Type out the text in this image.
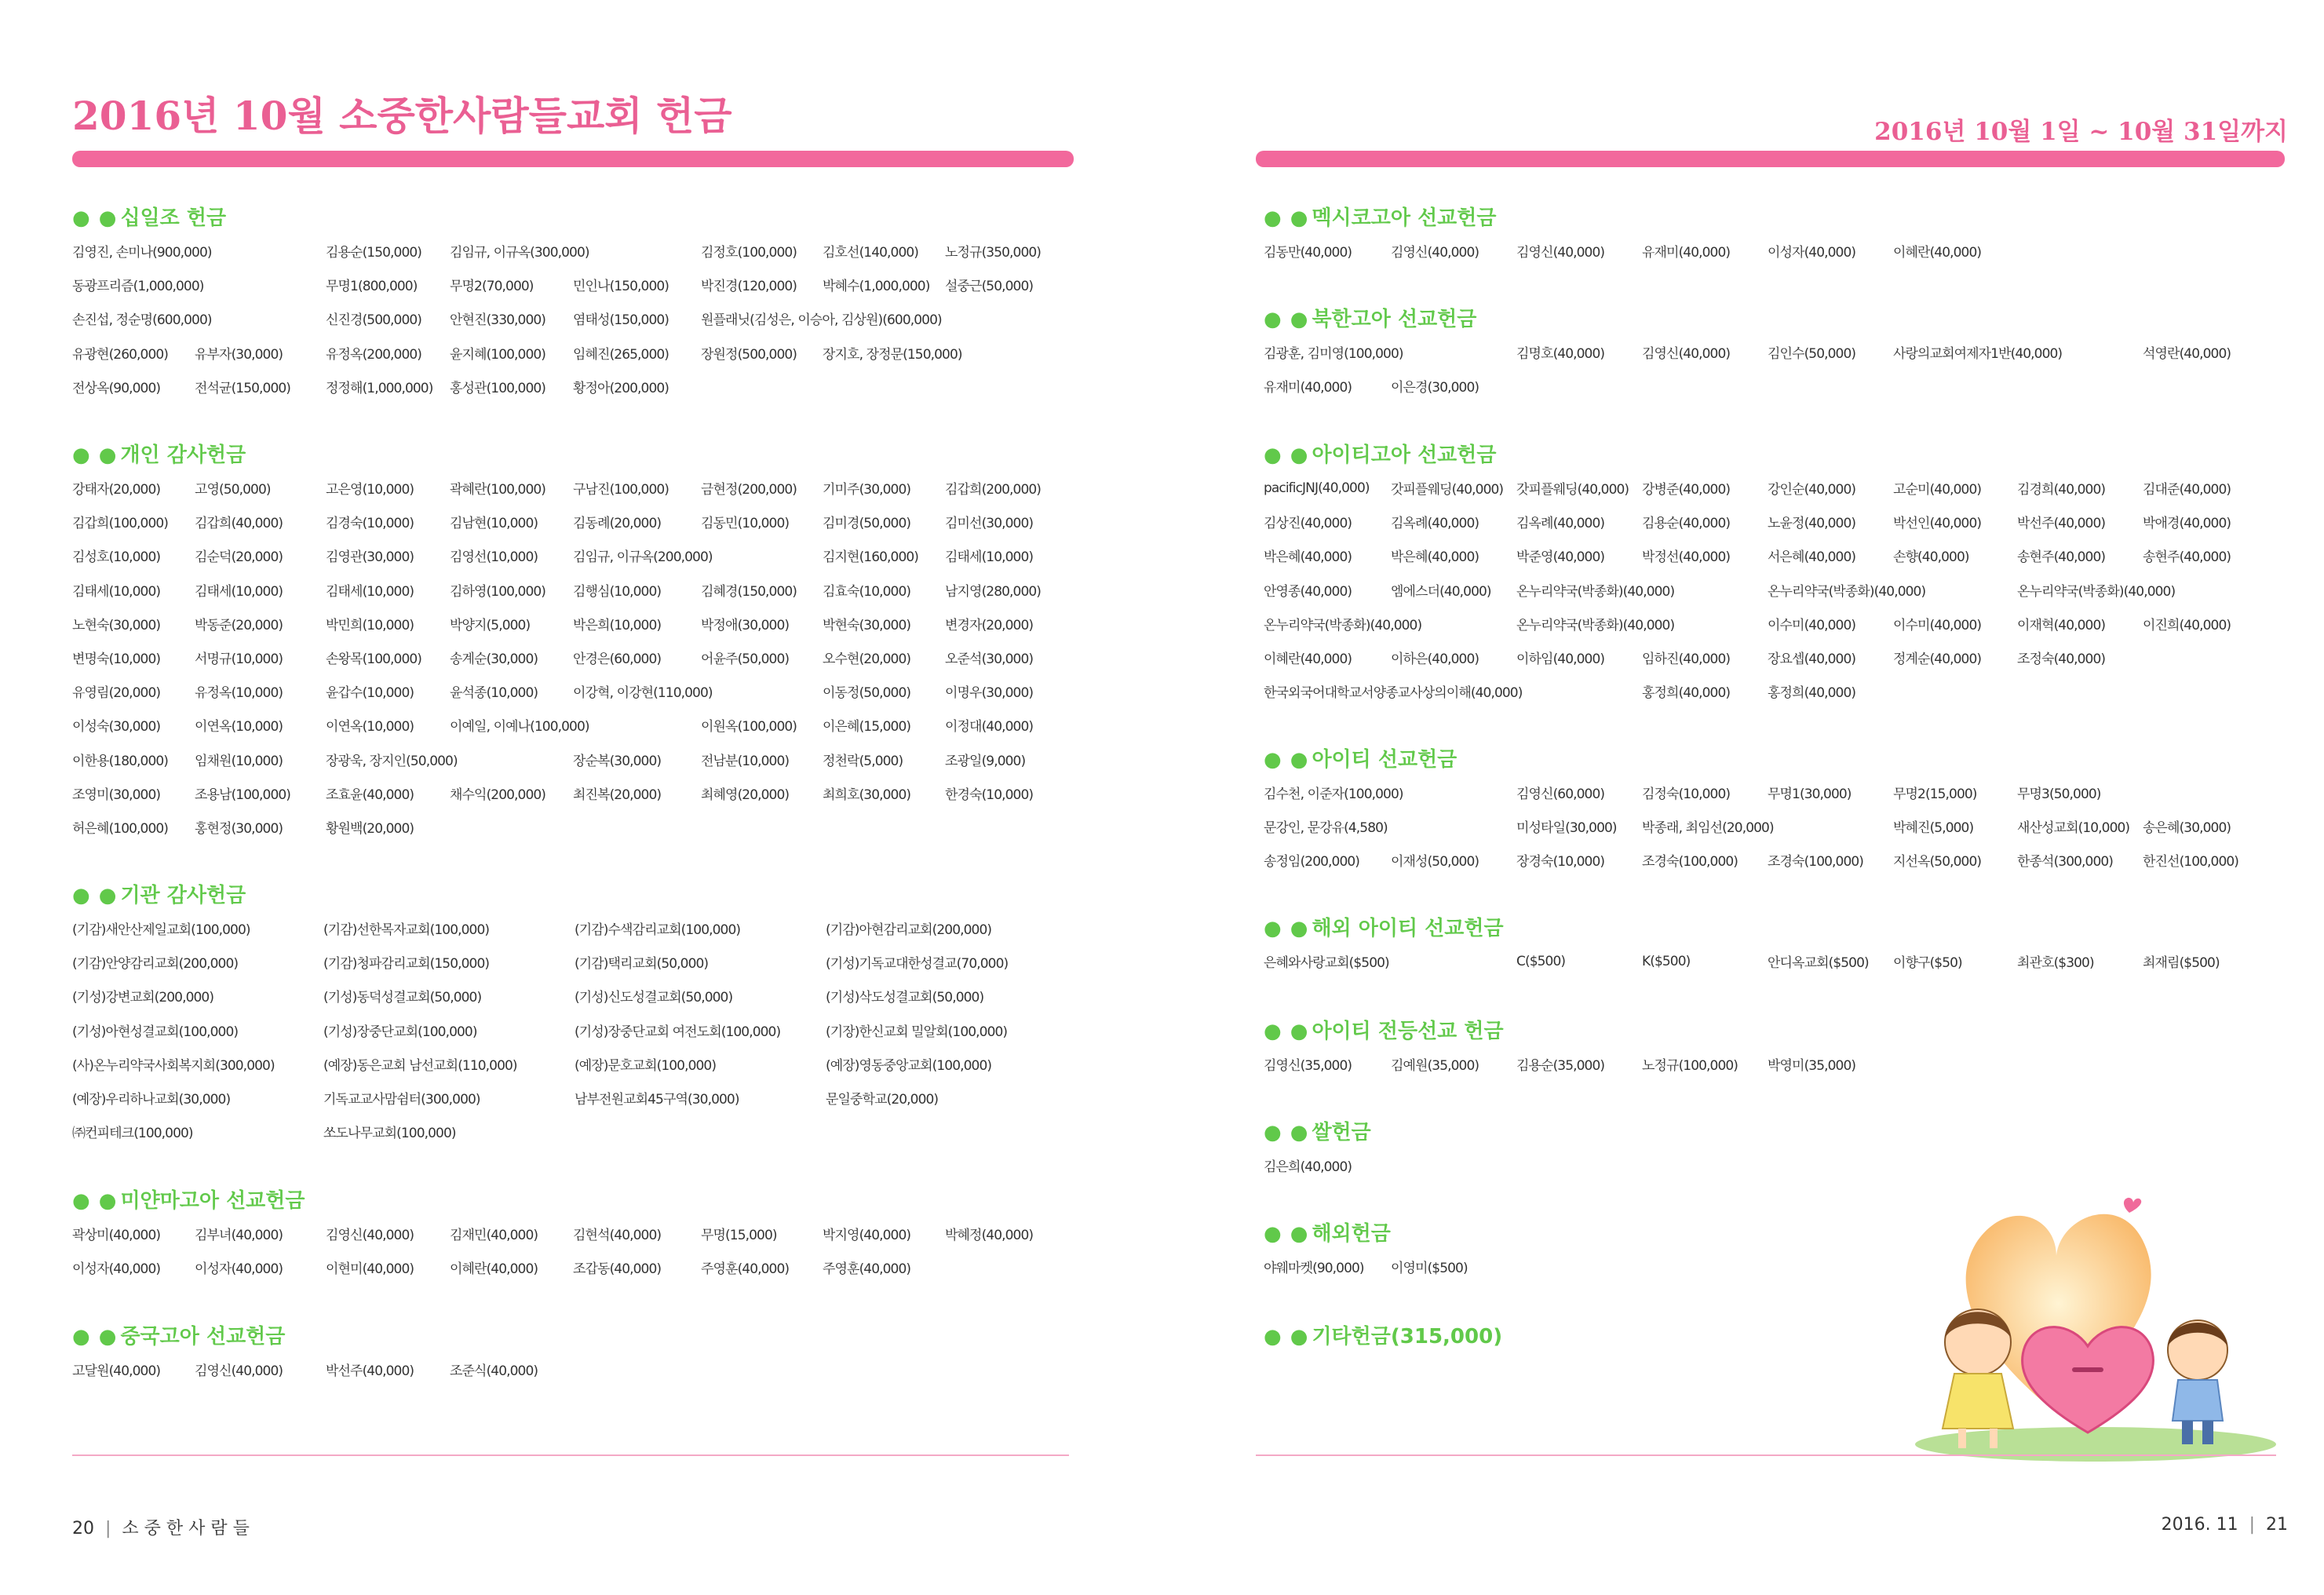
2016년 10월 소중한사람들교회 헌금
● ● 십일조 헌금
김영진, 손미나(900,000)	김용순(150,000)	김임규, 이규옥(300,000)	김정호(100,000)	김호선(140,000)	노정규(350,000)
동광프리즘(1,000,000)	무명1(800,000)	무명2(70,000)	민인나(150,000)	박진경(120,000)	박혜수(1,000,000)	설중근(50,000)
손진섭, 정순명(600,000)	신진경(500,000)	안현진(330,000)	염태성(150,000)	원플래닛(김성은, 이승아, 김상원)(600,000)
유광현(260,000)	유부자(30,000)	유정옥(200,000)	윤지혜(100,000)	임혜진(265,000)	장원정(500,000)	장지호, 장정문(150,000)
전상옥(90,000)	전석균(150,000)	정정해(1,000,000)	홍성관(100,000)	황정아(200,000)
● ● 개인 감사헌금
강태자(20,000)	고영(50,000)	고은영(10,000)	곽혜란(100,000)	구남진(100,000)	금현정(200,000)	기미주(30,000)	김갑희(200,000)
김갑희(100,000)	김갑희(40,000)	김경숙(10,000)	김남현(10,000)	김동례(20,000)	김동민(10,000)	김미경(50,000)	김미선(30,000)
김성호(10,000)	김순덕(20,000)	김영관(30,000)	김영선(10,000)	김임규, 이규옥(200,000)	김지현(160,000)	김태세(10,000)
김태세(10,000)	김태세(10,000)	김태세(10,000)	김하영(100,000)	김행심(10,000)	김혜경(150,000)	김효숙(10,000)	남지영(280,000)
노현숙(30,000)	박동준(20,000)	박민희(10,000)	박양지(5,000)	박은희(10,000)	박정애(30,000)	박현숙(30,000)	변경자(20,000)
변명숙(10,000)	서명규(10,000)	손왕목(100,000)	송계순(30,000)	안경은(60,000)	어윤주(50,000)	오수현(20,000)	오준석(30,000)
유영림(20,000)	유정옥(10,000)	윤갑수(10,000)	윤석종(10,000)	이강혁, 이강현(110,000)	이동정(50,000)	이명우(30,000)
이성숙(30,000)	이연옥(10,000)	이연옥(10,000)	이예일, 이예나(100,000)	이원옥(100,000)	이은혜(15,000)	이정대(40,000)
이한용(180,000)	임채원(10,000)	장광욱, 장지인(50,000)	장순복(30,000)	전남분(10,000)	정천락(5,000)	조광일(9,000)
조영미(30,000)	조용남(100,000)	조효윤(40,000)	채수익(200,000)	최진복(20,000)	최혜영(20,000)	최희호(30,000)	한경숙(10,000)
허은혜(100,000)	홍현정(30,000)	황원백(20,000)
● ● 기관 감사헌금
(기감)새안산제일교회(100,000)	(기감)선한목자교회(100,000)	(기감)수색감리교회(100,000)	(기감)아현감리교회(200,000)
(기감)안양감리교회(200,000)	(기감)청파감리교회(150,000)	(기감)택리교회(50,000)	(기성)기독교대한성결교(70,000)
(기성)강변교회(200,000)	(기성)동덕성결교회(50,000)	(기성)신도성결교회(50,000)	(기성)삭도성결교회(50,000)
(기성)아현성결교회(100,000)	(기성)장중단교회(100,000)	(기성)장중단교회 여전도회(100,000)	(기장)한신교회 밀알회(100,000)
(사)온누리약국사회복지회(300,000)	(예장)동은교회 남선교회(110,000)	(예장)문호교회(100,000)	(예장)영동중앙교회(100,000)
(예장)우리하나교회(30,000)	기독교교사맘쉼터(300,000)	남부전원교회45구역(30,000)	문일중학교(20,000)
㈜컨피테크(100,000)	쏘도나무교회(100,000)
● ● 미얀마고아 선교헌금
곽상미(40,000)	김부녀(40,000)	김영신(40,000)	김재민(40,000)	김현석(40,000)	무명(15,000)	박지영(40,000)	박혜정(40,000)
이성자(40,000)	이성자(40,000)	이현미(40,000)	이혜란(40,000)	조갑동(40,000)	주영훈(40,000)	주영훈(40,000)
● ● 중국고아 선교헌금
고달원(40,000)	김영신(40,000)	박선주(40,000)	조준식(40,000)
20 | 소중한사람들
2016년 10월 1일 ~ 10월 31일까지
● ● 멕시코고아 선교헌금
김동만(40,000)	김영신(40,000)	김영신(40,000)	유재미(40,000)	이성자(40,000)	이혜란(40,000)
● ● 북한고아 선교헌금
김광훈, 김미영(100,000)	김명호(40,000)	김영신(40,000)	김인수(50,000)	사랑의교회여제자1반(40,000)	석영란(40,000)
유재미(40,000)	이은경(30,000)
● ● 아이티고아 선교헌금
pacificJNJ(40,000)	갓피플웨딩(40,000) 갓피플웨딩(40,000) 강병준(40,000)	강인순(40,000)	고순미(40,000)	김경희(40,000)	김대준(40,000)
김상진(40,000)	김옥례(40,000)	김옥례(40,000)	김용순(40,000)	노윤정(40,000)	박선인(40,000)	박선주(40,000)	박애경(40,000)
박은혜(40,000)	박은혜(40,000)	박준영(40,000)	박정선(40,000)	서은혜(40,000)	손향(40,000)	송현주(40,000)	송현주(40,000)
안영종(40,000)	엠에스더(40,000)	온누리약국(박종화)(40,000)	온누리약국(박종화)(40,000)	온누리약국(박종화)(40,000)
온누리약국(박종화)(40,000)	온누리약국(박종화)(40,000)	이수미(40,000)	이수미(40,000)	이재혁(40,000)	이진희(40,000)
이혜란(40,000)	이하은(40,000)	이하임(40,000)	임하진(40,000)	장요셉(40,000)	정계순(40,000)	조정숙(40,000)
한국외국어대학교서양종교사상의이해(40,000)	홍정희(40,000)	홍정희(40,000)
● ● 아이티 선교헌금
김수천, 이준자(100,000)	김영신(60,000)	김정숙(10,000)	무명1(30,000)	무명2(15,000)	무명3(50,000)
문강인, 문강유(4,580)	미성타일(30,000)	박종래, 최임선(20,000)	박혜진(5,000)	새산성교회(10,000) 송은혜(30,000)
송정임(200,000)	이재성(50,000)	장경숙(10,000)	조경숙(100,000)	조경숙(100,000)	지선옥(50,000)	한종석(300,000)	한진선(100,000)
● ● 해외 아이티 선교헌금
은혜와사랑교회($500)	C($500)	K($500)	안디옥교회($500)	이향구($50)	최관호($300)	최재림($500)
● ● 아이티 전등선교 헌금
김영신(35,000)	김예원(35,000)	김용순(35,000)	노정규(100,000)	박영미(35,000)
● ● 쌀헌금
김은희(40,000)
● ● 해외헌금
야웨마켓(90,000)	이영미($500)
● ● 기타헌금(315,000)
2016. 11 | 21
